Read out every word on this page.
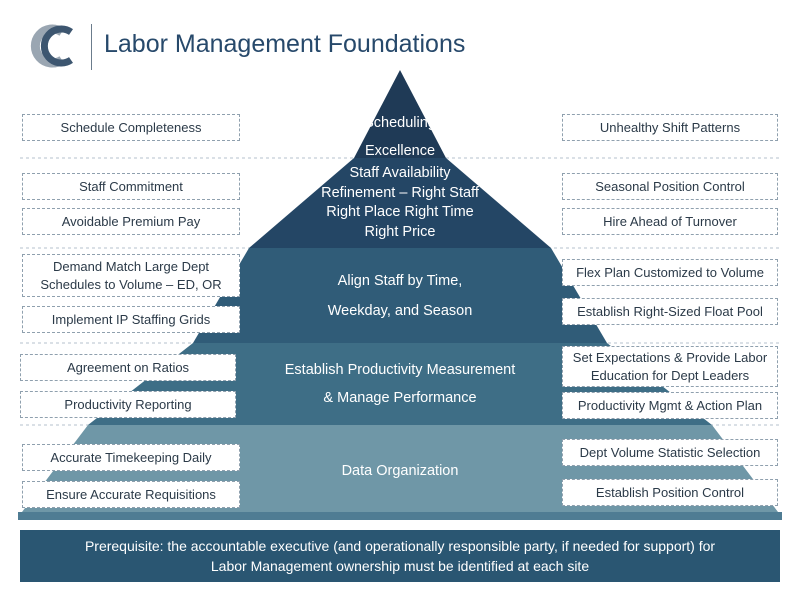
Labor Management Foundations
Scheduling
Excellence
Staff Availability
Refinement – Right Staff
Right Place Right Time
Right Price
Align Staff by Time,
Weekday, and Season
Establish Productivity Measurement
& Manage Performance
Data Organization
Schedule Completeness
Staff Commitment
Avoidable Premium Pay
Demand Match Large Dept
Schedules to Volume – ED, OR
Implement IP Staffing Grids
Agreement on Ratios
Productivity Reporting
Accurate Timekeeping Daily
Ensure Accurate Requisitions
Unhealthy Shift Patterns
Seasonal Position Control
Hire Ahead of Turnover
Flex Plan Customized to Volume
Establish Right-Sized Float Pool
Set Expectations & Provide Labor
Education for Dept Leaders
Productivity Mgmt & Action Plan
Dept Volume Statistic Selection
Establish Position Control
Prerequisite: the accountable executive (and operationally responsible party, if needed for support) for
Labor Management ownership must be identified at each site
